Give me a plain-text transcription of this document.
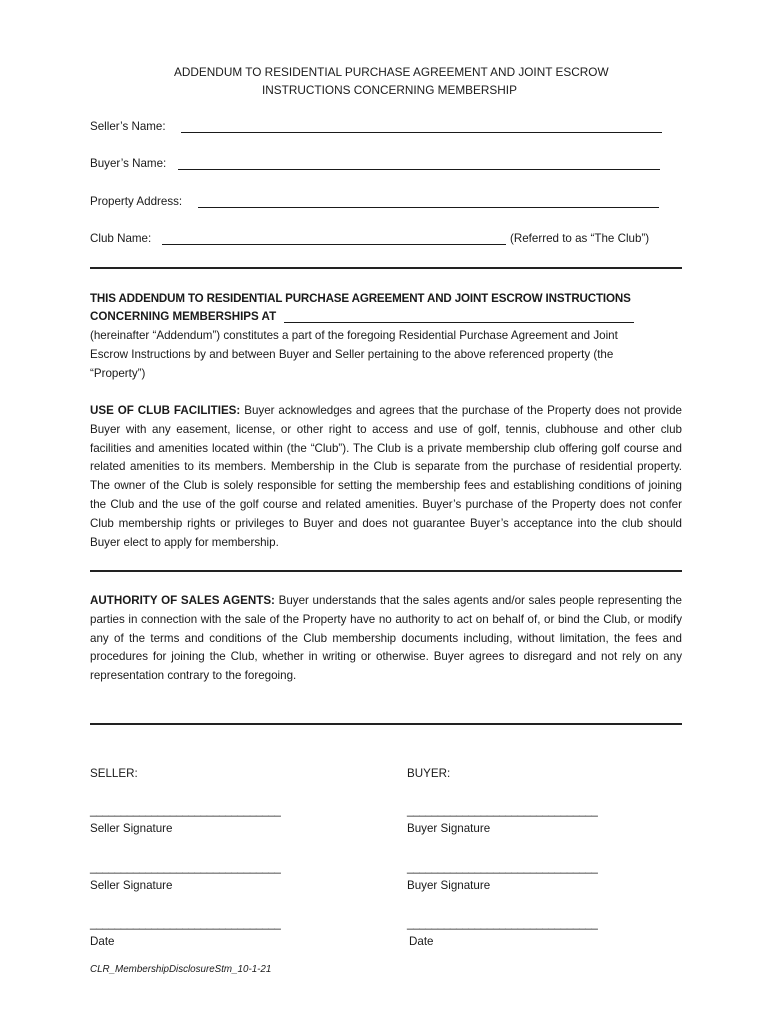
ADDENDUM TO RESIDENTIAL PURCHASE AGREEMENT AND JOINT ESCROW
INSTRUCTIONS CONCERNING MEMBERSHIP
Seller’s Name:
Buyer’s Name:
Property Address:
Club Name:	(Referred to as “The Club”)
THIS ADDENDUM TO RESIDENTIAL PURCHASE AGREEMENT AND JOINT ESCROW INSTRUCTIONS
CONCERNING MEMBERSHIPS AT
(hereinafter “Addendum”) constitutes a part of the foregoing Residential Purchase Agreement and Joint
Escrow Instructions by and between Buyer and Seller pertaining to the above referenced property (the
“Property”)
USE OF CLUB FACILITIES: Buyer acknowledges and agrees that the purchase of the Property does not provide Buyer with any easement, license, or other right to access and use of golf, tennis, clubhouse and other club facilities and amenities located within (the “Club”). The Club is a private membership club offering golf course and related amenities to its members. Membership in the Club is separate from the purchase of residential property. The owner of the Club is solely responsible for setting the membership fees and establishing conditions of joining the Club and the use of the golf course and related amenities. Buyer’s purchase of the Property does not confer Club membership rights or privileges to Buyer and does not guarantee Buyer’s acceptance into the club should Buyer elect to apply for membership.
AUTHORITY OF SALES AGENTS: Buyer understands that the sales agents and/or sales people representing the parties in connection with the sale of the Property have no authority to act on behalf of, or bind the Club, or modify any of the terms and conditions of the Club membership documents including, without limitation, the fees and procedures for joining the Club, whether in writing or otherwise. Buyer agrees to disregard and not rely on any representation contrary to the foregoing.
SELLER:	BUYER:
_______________________________	_______________________________
Seller Signature	Buyer Signature
_______________________________	_______________________________
Seller Signature	Buyer Signature
_______________________________	_______________________________
Date	Date
CLR_MembershipDisclosureStm_10-1-21
